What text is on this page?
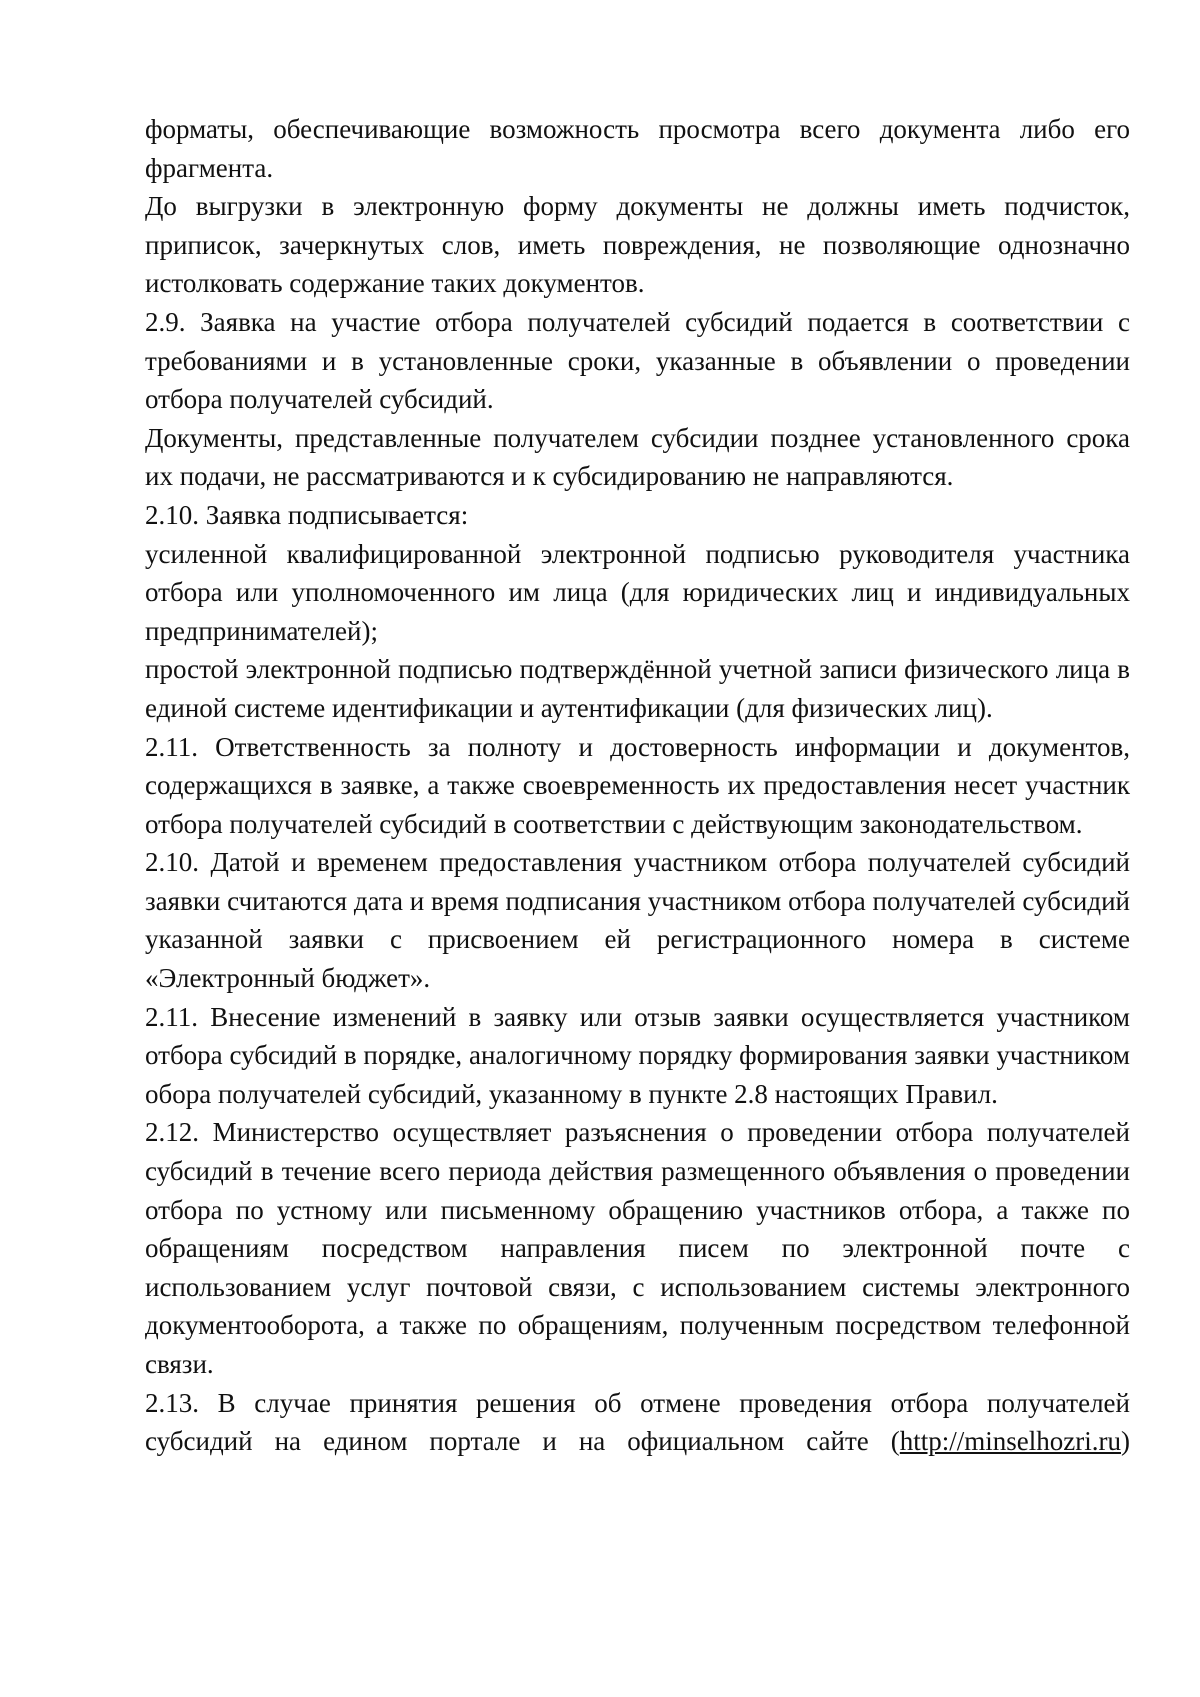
форматы, обеспечивающие возможность просмотра всего документа либо его фрагмента.

До выгрузки в электронную форму документы не должны иметь подчисток, приписок, зачеркнутых слов, иметь повреждения, не позволяющие однозначно истолковать содержание таких документов.

2.9. Заявка на участие отбора получателей субсидий подается в соответствии с требованиями и в установленные сроки, указанные в объявлении о проведении отбора получателей субсидий.

Документы, представленные получателем субсидии позднее установленного срока их подачи, не рассматриваются и к субсидированию не направляются.

2.10. Заявка подписывается:

усиленной квалифицированной электронной подписью руководителя участника отбора или уполномоченного им лица (для юридических лиц и индивидуальных предпринимателей);

простой электронной подписью подтверждённой учетной записи физического лица в единой системе идентификации и аутентификации (для физических лиц).

2.11. Ответственность за полноту и достоверность информации и документов, содержащихся в заявке, а также своевременность их предоставления несет участник отбора получателей субсидий в соответствии с действующим законодательством.

2.10. Датой и временем предоставления участником отбора получателей субсидий заявки считаются дата и время подписания участником отбора получателей субсидий указанной заявки с присвоением ей регистрационного номера в системе «Электронный бюджет».

2.11. Внесение изменений в заявку или отзыв заявки осуществляется участником отбора субсидий в порядке, аналогичному порядку формирования заявки участником обора получателей субсидий, указанному в пункте 2.8 настоящих Правил.

2.12. Министерство осуществляет разъяснения о проведении отбора получателей субсидий в течение всего периода действия размещенного объявления о проведении отбора по устному или письменному обращению участников отбора, а также по обращениям посредством направления писем по электронной почте с использованием услуг почтовой связи, с использованием системы электронного документооборота, а также по обращениям, полученным посредством телефонной связи.

2.13. В случае принятия решения об отмене проведения отбора получателей субсидий на едином портале и на официальном сайте (http://minselhozri.ru)
